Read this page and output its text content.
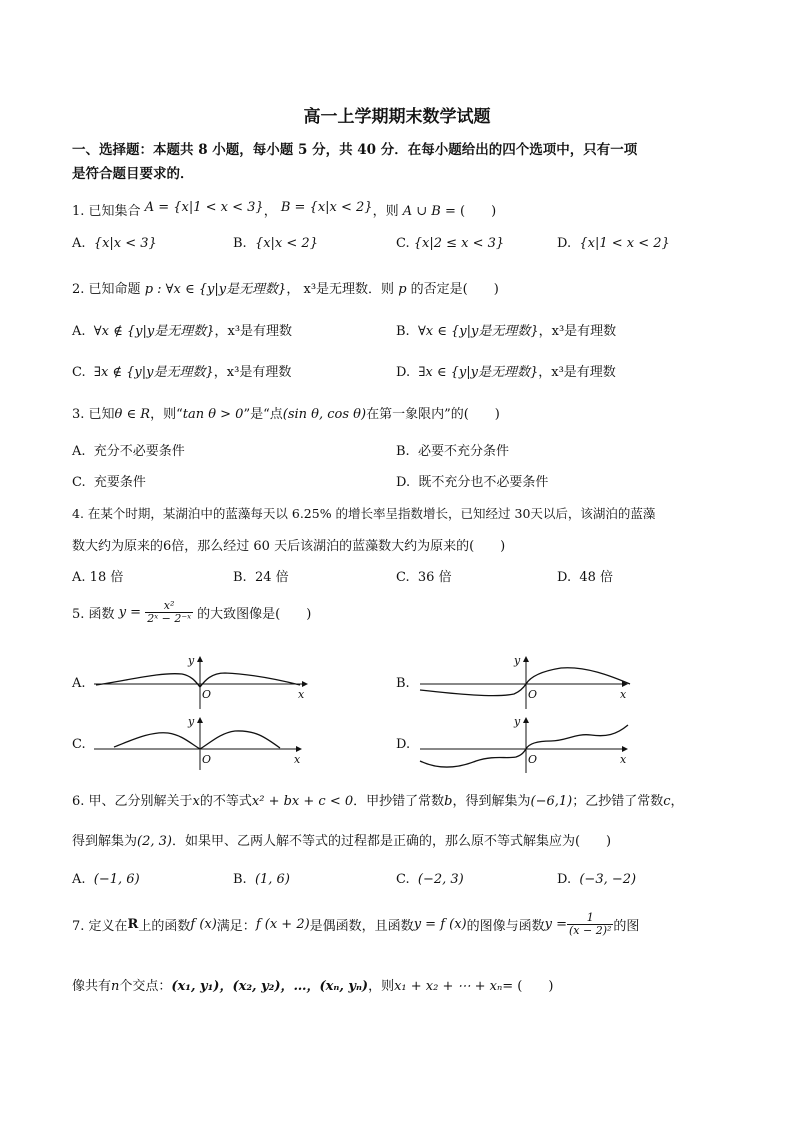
高一上学期期末数学试题
一、选择题：本题共 8 小题，每小题 5 分，共 40 分．在每小题给出的四个选项中，只有一项
是符合题目要求的．
1. 已知集合 A = {x|1 < x < 3}， B = {x|x < 2}，则 A ∪ B = (　　)
A. {x|x < 3}	B. {x|x < 2}	C. {x|2 ≤ x < 3}	D. {x|1 < x < 2}
2. 已知命题 p : ∀x ∈ {y|y是无理数}， x³是无理数．则 p 的否定是(　　)
A. ∀x ∉ {y|y是无理数}，x³是有理数	B. ∀x ∈ {y|y是无理数}，x³是有理数
C. ∃x ∉ {y|y是无理数}，x³是有理数	D. ∃x ∈ {y|y是无理数}，x³是有理数
3. 已知θ ∈ R，则“tan θ > 0”是“点(sin θ, cos θ)在第一象限内”的(　　)
A. 充分不必要条件	B. 必要不充分条件
C. 充要条件	D. 既不充分也不必要条件
4. 在某个时期，某湖泊中的蓝藻每天以 6.25% 的增长率呈指数增长，已知经过 30天以后，该湖泊的蓝藻
数大约为原来的6倍，那么经过 60 天后该湖泊的蓝藻数大约为原来的(　　)
A. 18 倍	B. 24 倍	C. 36 倍	D. 48 倍
5. 函数 $y = \frac{\text{x²}}{\text{2ˣ − 2⁻ˣ}}$ 的大致图像是(　　)
A.
x
y
O
B.
x
y
O
C.
x
y
O
D.
x
y
O
6. 甲、乙分别解关于x的不等式x² + bx + c < 0．甲抄错了常数b，得到解集为(−6,1)；乙抄错了常数c，
得到解集为(2, 3)．如果甲、乙两人解不等式的过程都是正确的，那么原不等式解集应为(　　)
A. (−1, 6)	B. (1, 6)	C. (−2, 3)	D. (−3, −2)
7. 定义在R上的函数f (x)满足：f (x + 2)是偶函数，且函数y = f (x)的图像与函数$y = \frac{1}{\text{(x − 2)²}}$ 的图
像共有n个交点：(x₁, y₁)，(x₂, y₂)，…，(xₙ, yₙ)，则x₁ + x₂ + ⋯ + xₙ= (　　)
